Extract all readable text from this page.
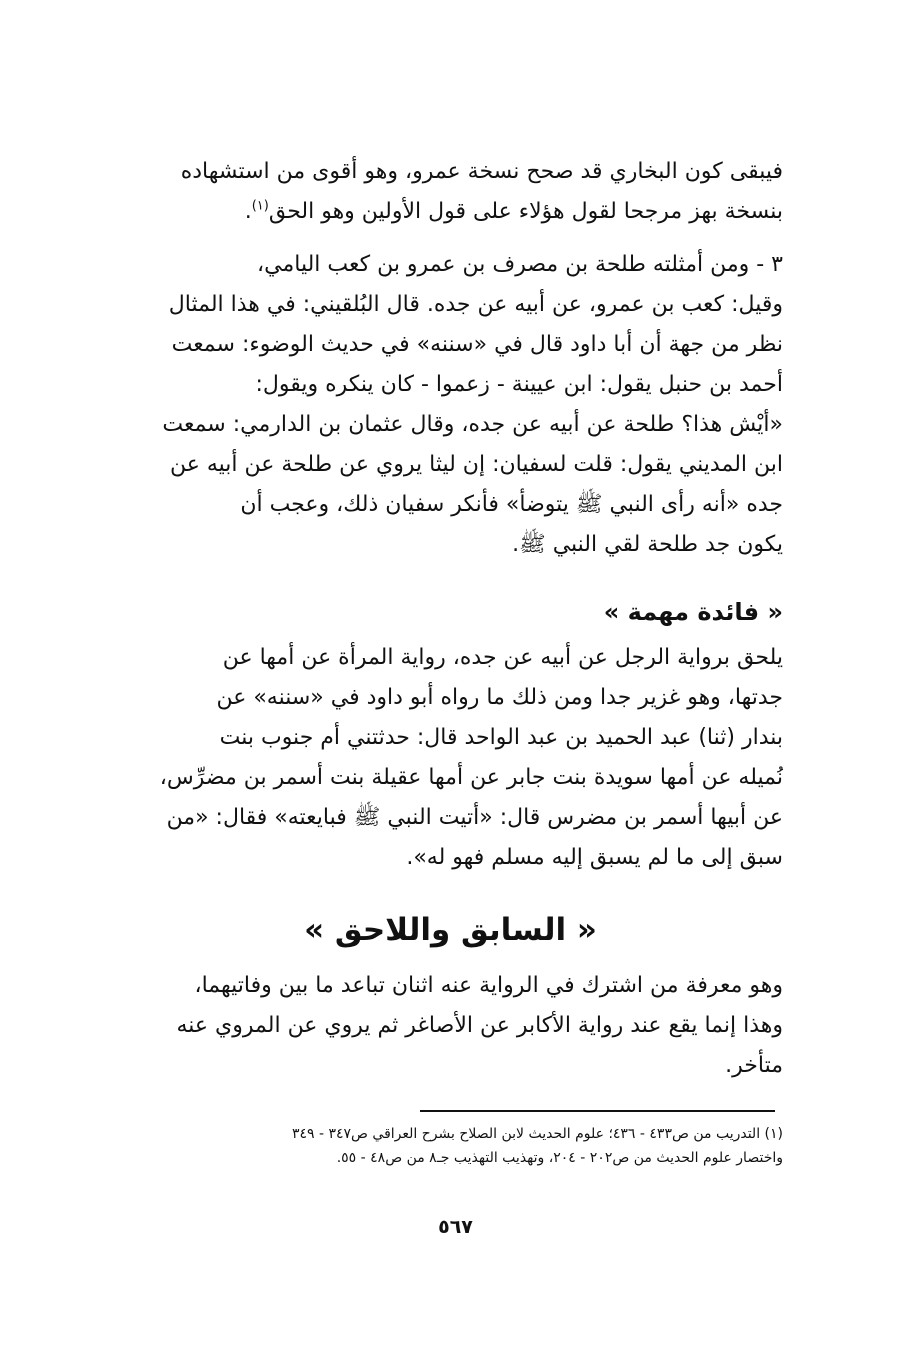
فيبقى كون البخاري قد صحح نسخة عمرو، وهو أقوى من استشهاده
بنسخة بهز مرجحا لقول هؤلاء على قول الأولين وهو الحق$^{(١)}$.
٣ - ومن أمثلته طلحة بن مصرف بن عمرو بن كعب اليامي،
وقيل: كعب بن عمرو، عن أبيه عن جده. قال البُلقيني: في هذا المثال
نظر من جهة أن أبا داود قال في «سننه» في حديث الوضوء: سمعت
أحمد بن حنبل يقول: ابن عيينة - زعموا - كان ينكره ويقول:
«أيْش هذا؟ طلحة عن أبيه عن جده، وقال عثمان بن الدارمي: سمعت
ابن المديني يقول: قلت لسفيان: إن ليثا يروي عن طلحة عن أبيه عن
جده «أنه رأى النبي ﷺ يتوضأ» فأنكر سفيان ذلك، وعجب أن
يكون جد طلحة لقي النبي ﷺ.
« فائدة مهمة »
يلحق برواية الرجل عن أبيه عن جده، رواية المرأة عن أمها عن
جدتها، وهو غزير جدا ومن ذلك ما رواه أبو داود في «سننه» عن
بندار (ثنا) عبد الحميد بن عبد الواحد قال: حدثتني أم جنوب بنت
نُميله عن أمها سويدة بنت جابر عن أمها عقيلة بنت أسمر بن مضرِّس،
عن أبيها أسمر بن مضرس قال: «أتيت النبي ﷺ فبايعته» فقال: «من
سبق إلى ما لم يسبق إليه مسلم فهو له».
« السابق واللاحق »
وهو معرفة من اشترك في الرواية عنه اثنان تباعد ما بين وفاتيهما،
وهذا إنما يقع عند رواية الأكابر عن الأصاغر ثم يروي عن المروي عنه
متأخر.
(١) التدريب من ص٤٣٣ - ٤٣٦؛ علوم الحديث لابن الصلاح بشرح العراقي ص٣٤٧ - ٣٤٩
واختصار علوم الحديث من ص٢٠٢ - ٢٠٤، وتهذيب التهذيب جـ٨ من ص٤٨ - ٥٥.
٥٦٧
